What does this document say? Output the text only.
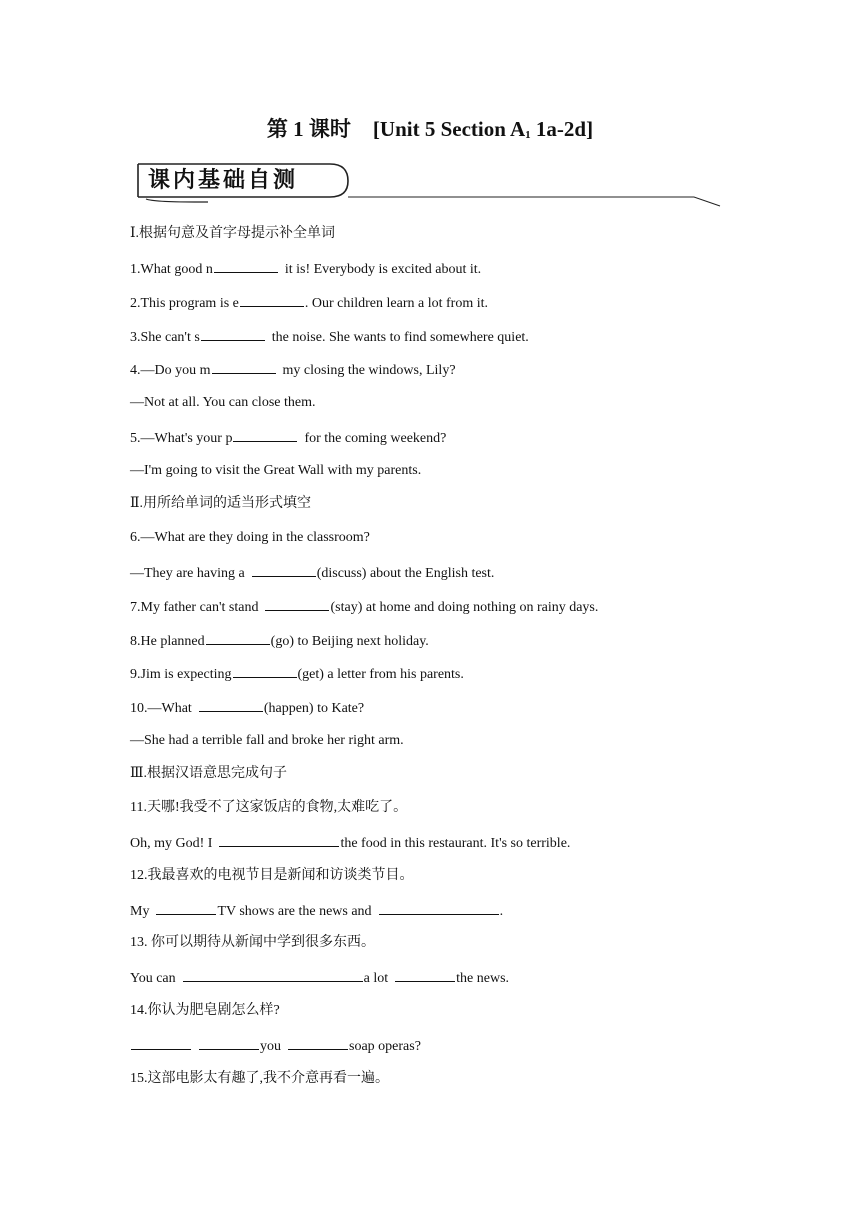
第 1 课时 [Unit 5 Section $A_1$ 1a-2d]
课内基础自测
Ⅰ.根据句意及首字母提示补全单词
1.What good n	it is! Everybody is excited about it.
2.This program is e	. Our children learn a lot from it.
3.She can't s	the noise. She wants to find somewhere quiet.
4.—Do you m	my closing the windows, Lily?
—Not at all. You can close them.
5.—What's your p	for the coming weekend?
—I'm going to visit the Great Wall with my parents.
Ⅱ.用所给单词的适当形式填空
6.—What are they doing in the classroom?
—They are having a	(discuss) about the English test.
7.My father can't stand	(stay) at home and doing nothing on rainy days.
8.He planned	(go) to Beijing next holiday.
9.Jim is expecting	(get) a letter from his parents.
10.—What	(happen) to Kate?
—She had a terrible fall and broke her right arm.
Ⅲ.根据汉语意思完成句子
11.天哪!我受不了这家饭店的食物,太难吃了。
Oh, my God! I	the food in this restaurant. It's so terrible.
12.我最喜欢的电视节目是新闻和访谈类节目。
My	TV shows are the news and	.
13. 你可以期待从新闻中学到很多东西。
You can	a lot	the news.
14.你认为肥皂剧怎么样?
you	soap operas?
15.这部电影太有趣了,我不介意再看一遍。
